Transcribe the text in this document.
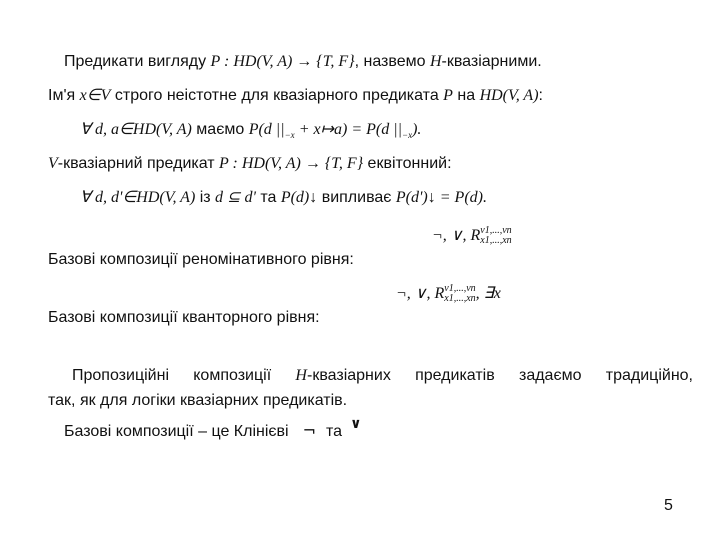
Предикати вигляду P : HD(V, A) → {T, F}, назвемо H-квазіарними.
Ім'я x∈V строго неістотне для квазіарного предиката P на HD(V, A):
∀ d, a∈HD(V, A) маємо P(d $||_{-x}$ + x↦a) = P(d $||_{-x}$).
V-квазіарний предикат P : HD(V, A) → {T, F} еквітонний:
∀ d, d'∈HD(V, A) із d ⊆ d' та P(d)↓ випливає P(d')↓ = P(d).
¬, ∨, Rv1,...,vn
x1,...,xn
Базові композиції реномінативного рівня:
¬, ∨, Rv1,...,vn
x1,...,xn, ∃x
Базові композиції кванторного рівня:
Пропозиційні композиції H-квазіарних предикатів задаємо традиційно,
так, як для логіки квазіарних предикатів.
Базові композиції – це Клінієві ¬ та ∨
5
